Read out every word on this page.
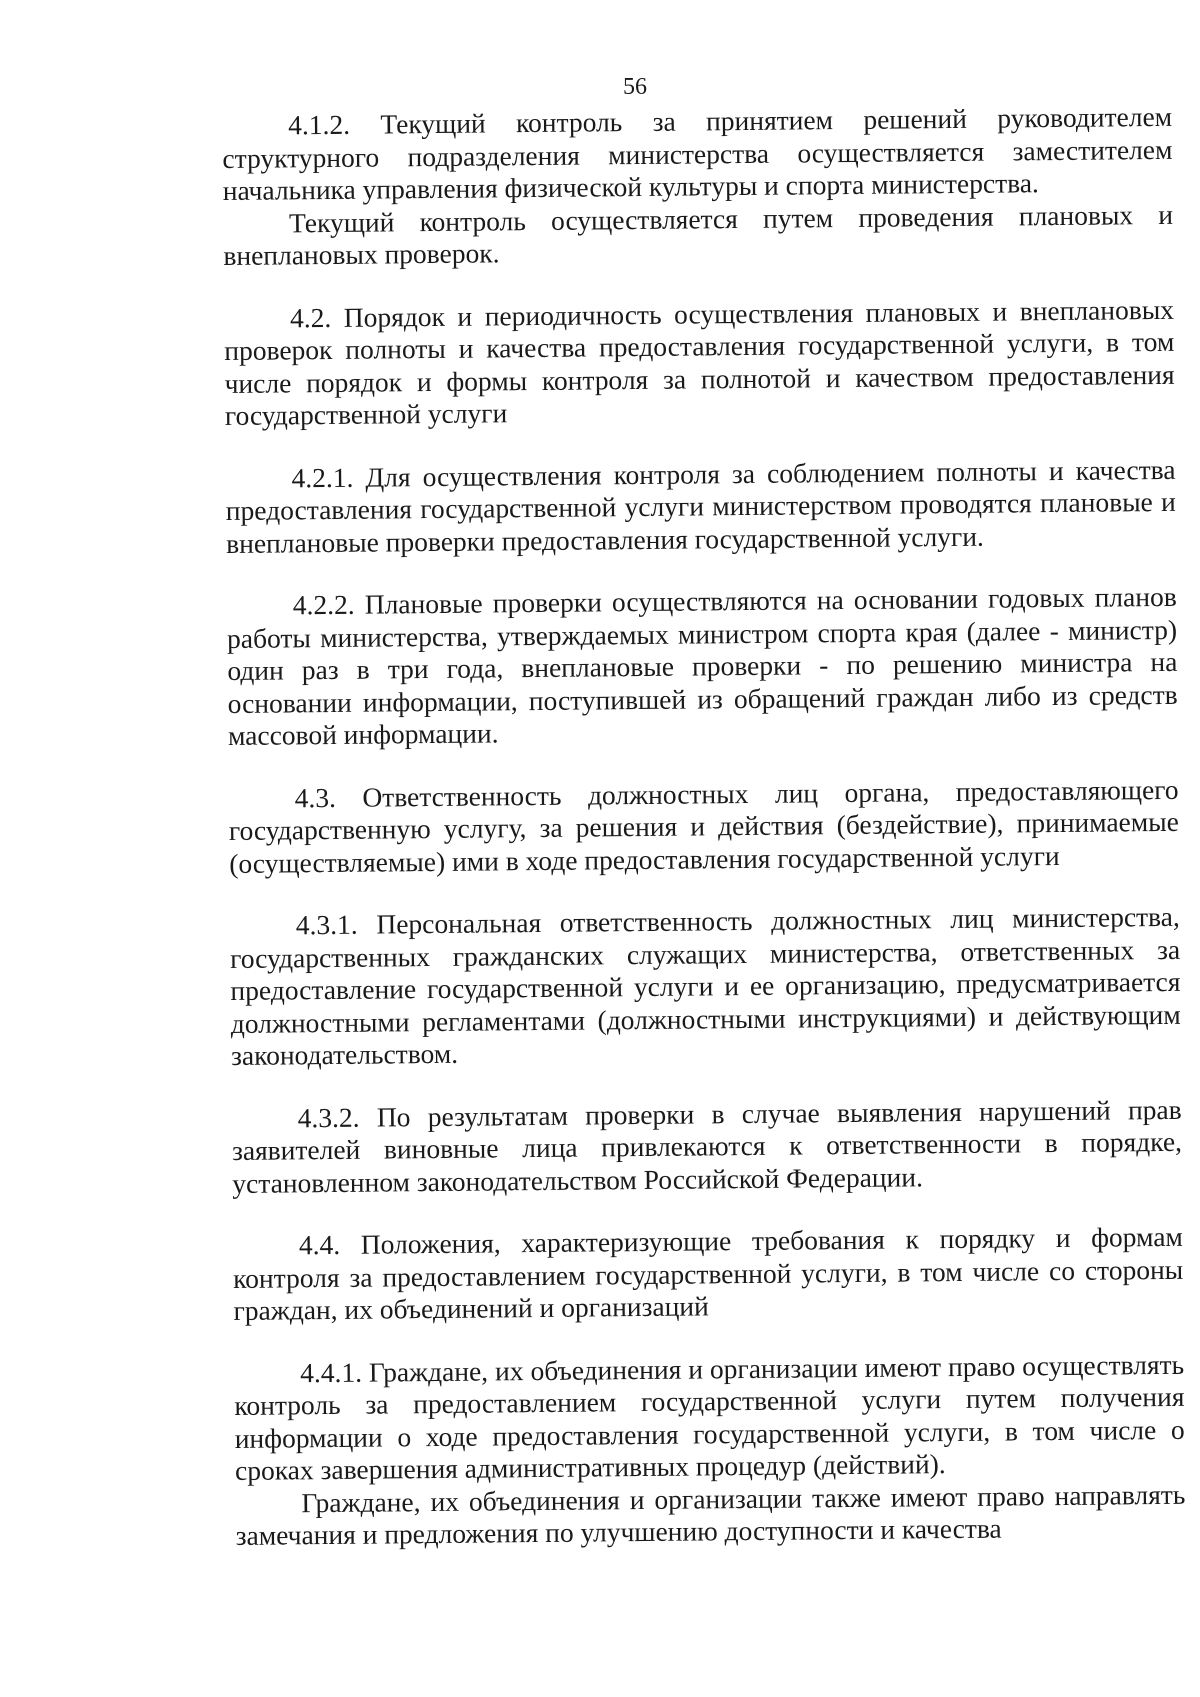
56

4.1.2. Текущий контроль за принятием решений руководителем структурного подразделения министерства осуществляется заместителем начальника управления физической культуры и спорта министерства.

Текущий контроль осуществляется путем проведения плановых и внеплановых проверок.

4.2. Порядок и периодичность осуществления плановых и внеплановых проверок полноты и качества предоставления государственной услуги, в том числе порядок и формы контроля за полнотой и качеством предоставления государственной услуги

4.2.1. Для осуществления контроля за соблюдением полноты и качества предоставления государственной услуги министерством проводятся плановые и внеплановые проверки предоставления государственной услуги.

4.2.2. Плановые проверки осуществляются на основании годовых планов работы министерства, утверждаемых министром спорта края (далее - министр) один раз в три года, внеплановые проверки - по решению министра на основании информации, поступившей из обращений граждан либо из средств массовой информации.

4.3. Ответственность должностных лиц органа, предоставляющего государственную услугу, за решения и действия (бездействие), принимаемые (осуществляемые) ими в ходе предоставления государственной услуги

4.3.1. Персональная ответственность должностных лиц министерства, государственных гражданских служащих министерства, ответственных за предоставление государственной услуги и ее организацию, предусматривается должностными регламентами (должностными инструкциями) и действующим законодательством.

4.3.2. По результатам проверки в случае выявления нарушений прав заявителей виновные лица привлекаются к ответственности в порядке, установленном законодательством Российской Федерации.

4.4. Положения, характеризующие требования к порядку и формам контроля за предоставлением государственной услуги, в том числе со стороны граждан, их объединений и организаций

4.4.1. Граждане, их объединения и организации имеют право осуществлять контроль за предоставлением государственной услуги путем получения информации о ходе предоставления государственной услуги, в том числе о сроках завершения административных процедур (действий).

Граждане, их объединения и организации также имеют право направлять замечания и предложения по улучшению доступности и качества
